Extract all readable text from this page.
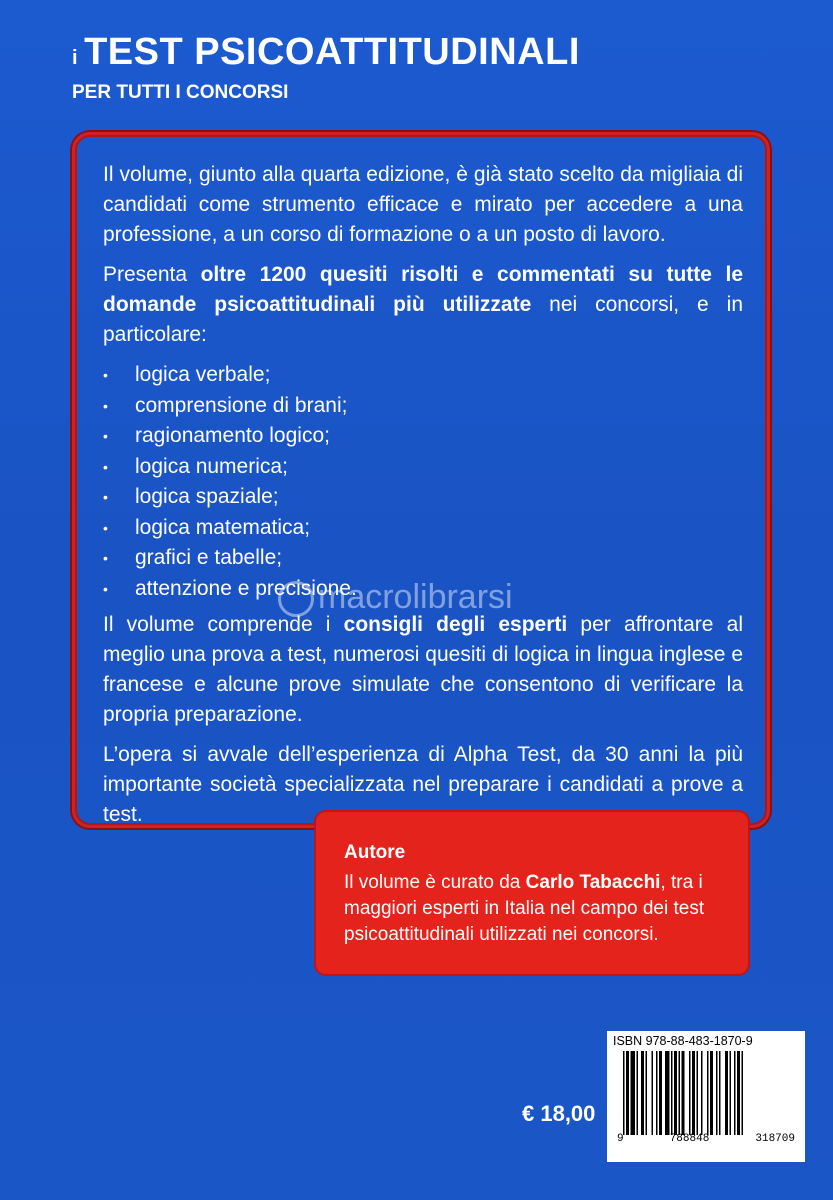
i TEST PSICOATTITUDINALI
PER TUTTI I CONCORSI

Il volume, giunto alla quarta edizione, è già stato scelto da migliaia di candidati come strumento efficace e mirato per accedere a una professione, a un corso di formazione o a un posto di lavoro.

Presenta oltre 1200 quesiti risolti e commentati su tutte le domande psicoattitudinali più utilizzate nei concorsi, e in particolare:

• logica verbale;
• comprensione di brani;
• ragionamento logico;
• logica numerica;
• logica spaziale;
• logica matematica;
• grafici e tabelle;
• attenzione e precisione.

Il volume comprende i consigli degli esperti per affrontare al meglio una prova a test, numerosi quesiti di logica in lingua inglese e francese e alcune prove simulate che consentono di verificare la propria preparazione.

L’opera si avvale dell’esperienza di Alpha Test, da 30 anni la più importante società specializzata nel preparare i candidati a prove a test.

macrolibrarsi
Autore
Il volume è curato da Carlo Tabacchi, tra i maggiori esperti in Italia nel campo dei test psicoattitudinali utilizzati nei concorsi.
ISBN 978-88-483-1870-9
9	788848	318709
€ 18,00
